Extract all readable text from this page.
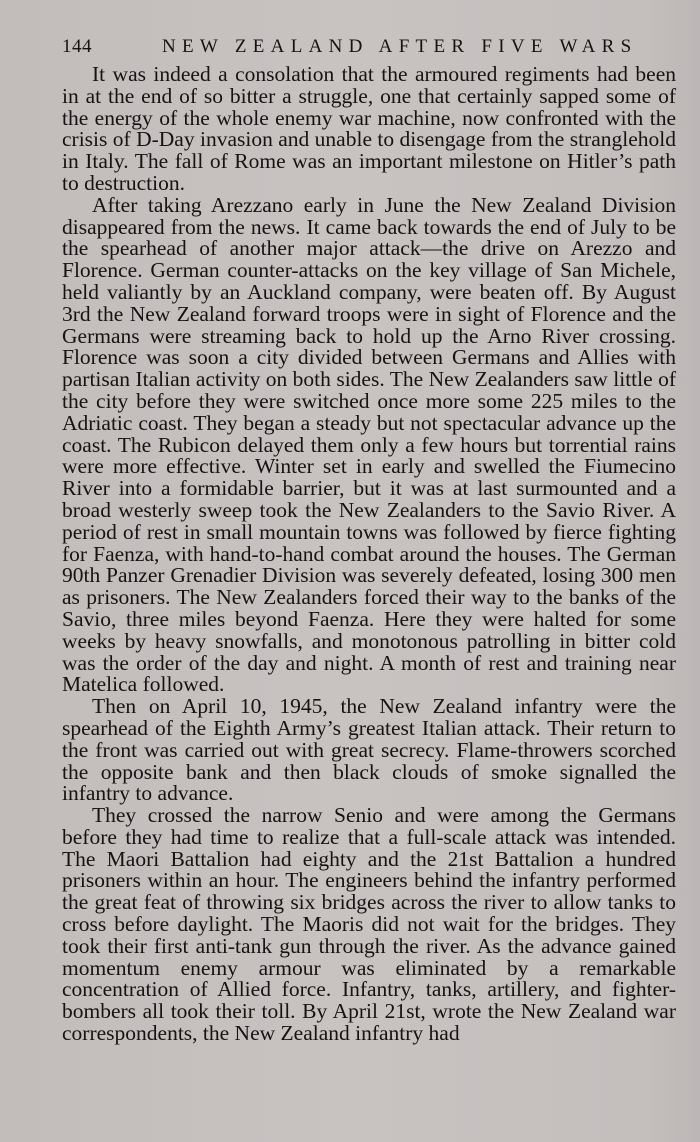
144	NEW ZEALAND AFTER FIVE WARS

It was indeed a consolation that the armoured regiments had been in at the end of so bitter a struggle, one that certainly sapped some of the energy of the whole enemy war machine, now confronted with the crisis of D-Day invasion and unable to disengage from the stranglehold in Italy. The fall of Rome was an important milestone on Hitler’s path to destruction.

After taking Arezzano early in June the New Zealand Division disappeared from the news. It came back towards the end of July to be the spearhead of another major attack—the drive on Arezzo and Florence. German counter-attacks on the key village of San Michele, held valiantly by an Auckland company, were beaten off. By August 3rd the New Zealand forward troops were in sight of Florence and the Germans were streaming back to hold up the Arno River crossing. Florence was soon a city divided between Germans and Allies with partisan Italian activity on both sides. The New Zealanders saw little of the city before they were switched once more some 225 miles to the Adriatic coast. They began a steady but not spectacular advance up the coast. The Rubicon delayed them only a few hours but torrential rains were more effective. Winter set in early and swelled the Fiumecino River into a formidable barrier, but it was at last surmounted and a broad westerly sweep took the New Zealanders to the Savio River. A period of rest in small mountain towns was followed by fierce fighting for Faenza, with hand-to-hand combat around the houses. The German 90th Panzer Grenadier Division was severely defeated, losing 300 men as prisoners. The New Zealanders forced their way to the banks of the Savio, three miles beyond Faenza. Here they were halted for some weeks by heavy snowfalls, and monotonous patrolling in bitter cold was the order of the day and night. A month of rest and training near Matelica followed.

Then on April 10, 1945, the New Zealand infantry were the spearhead of the Eighth Army’s greatest Italian attack. Their return to the front was carried out with great secrecy. Flame-throwers scorched the opposite bank and then black clouds of smoke signalled the infantry to advance.

They crossed the narrow Senio and were among the Germans before they had time to realize that a full-scale attack was intended. The Maori Battalion had eighty and the 21st Battalion a hundred prisoners within an hour. The engineers behind the infantry performed the great feat of throwing six bridges across the river to allow tanks to cross before daylight. The Maoris did not wait for the bridges. They took their first anti-tank gun through the river. As the advance gained momentum enemy armour was eliminated by a remarkable concentration of Allied force. Infantry, tanks, artillery, and fighter-bombers all took their toll. By April 21st, wrote the New Zealand war correspondents, the New Zealand infantry had
